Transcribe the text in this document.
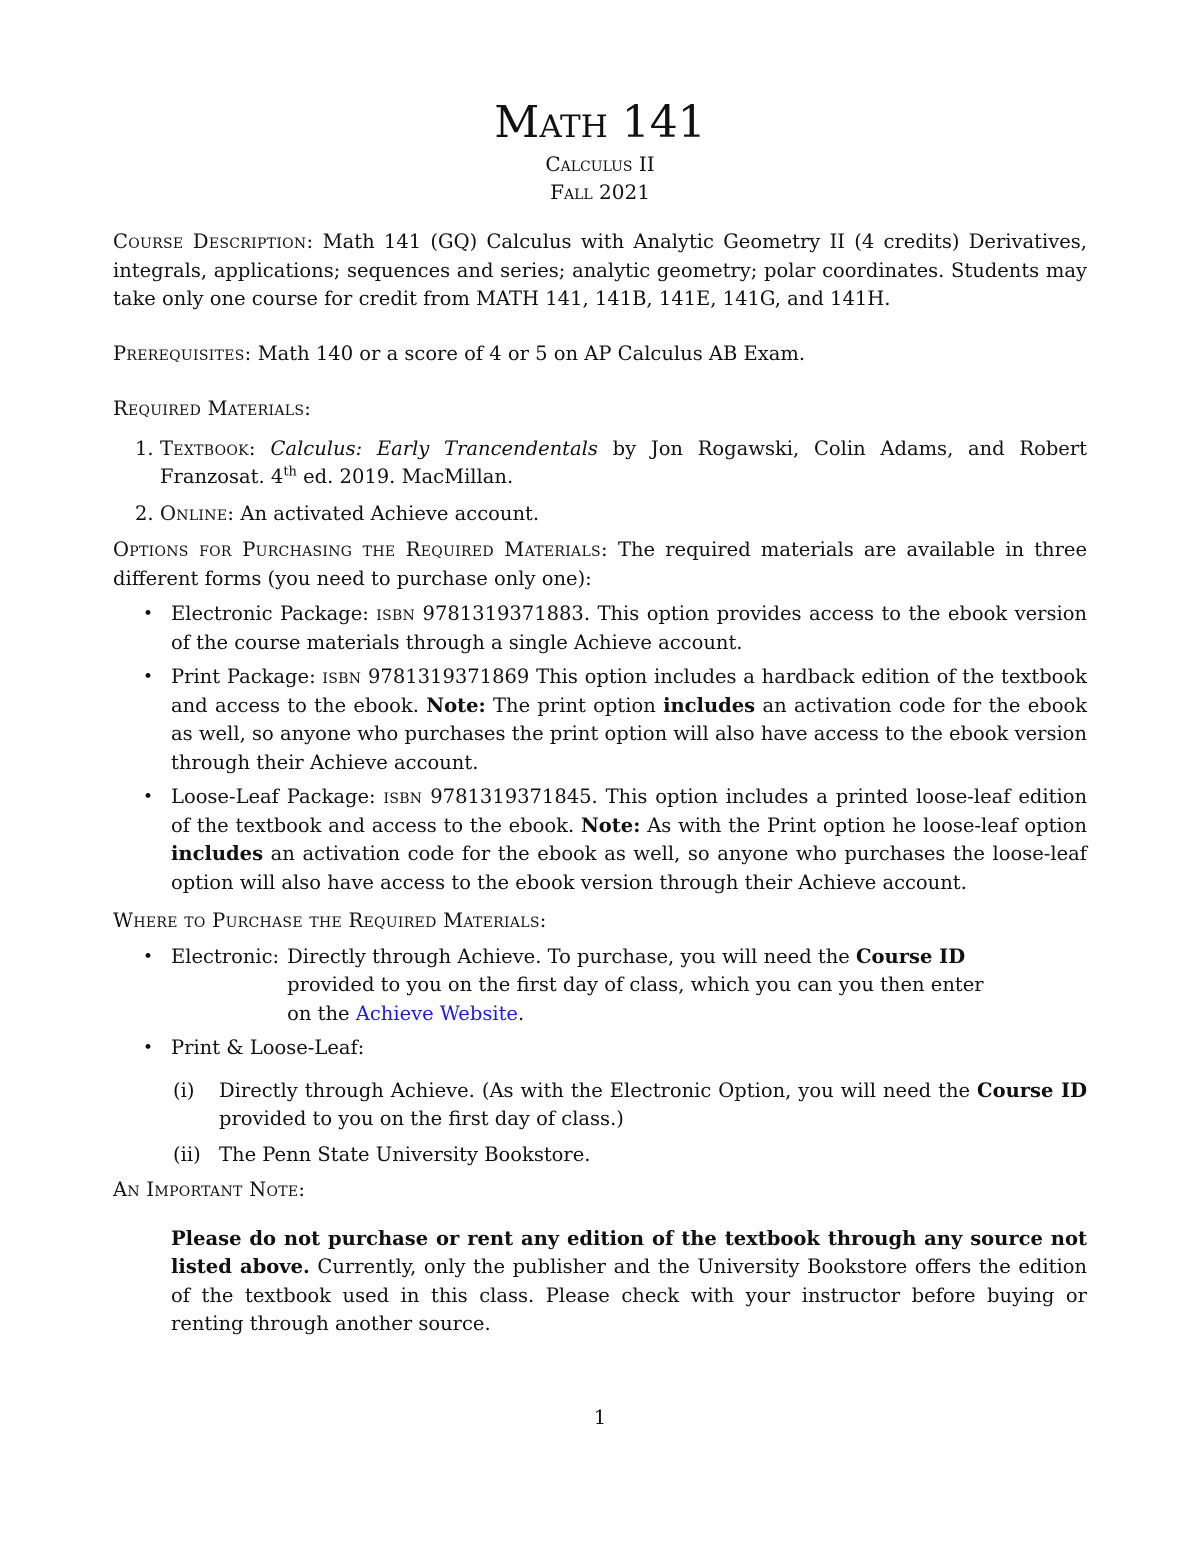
Math 141
Calculus II
Fall 2021

Course Description: Math 141 (GQ) Calculus with Analytic Geometry II (4 credits) Derivatives, integrals, applications; sequences and series; analytic geometry; polar coordinates. Students may take only one course for credit from MATH 141, 141B, 141E, 141G, and 141H.

Prerequisites: Math 140 or a score of 4 or 5 on AP Calculus AB Exam.

Required Materials:
1. Textbook: Calculus: Early Trancendentals by Jon Rogawski, Colin Adams, and Robert Franzosat. 4th ed. 2019. MacMillan.
2. Online: An activated Achieve account.

Options for Purchasing the Required Materials: The required materials are available in three different forms (you need to purchase only one):

• Electronic Package: isbn 9781319371883. This option provides access to the ebook version of the course materials through a single Achieve account.
• Print Package: isbn 9781319371869 This option includes a hardback edition of the textbook and access to the ebook. Note: The print option includes an activation code for the ebook as well, so anyone who purchases the print option will also have access to the ebook version through their Achieve account.
• Loose-Leaf Package: isbn 9781319371845. This option includes a printed loose-leaf edition of the textbook and access to the ebook. Note: As with the Print option he loose-leaf option includes an activation code for the ebook as well, so anyone who purchases the loose-leaf option will also have access to the ebook version through their Achieve account.
Where to Purchase the Required Materials:
• Electronic: Directly through Achieve. To purchase, you will need the Course ID provided to you on the first day of class, which you can you then enter on the Achieve Website.
• Print & Loose-Leaf:
(i) Directly through Achieve. (As with the Electronic Option, you will need the Course ID provided to you on the first day of class.)
(ii) The Penn State University Bookstore.
An Important Note:

Please do not purchase or rent any edition of the textbook through any source not listed above. Currently, only the publisher and the University Bookstore offers the edition of the textbook used in this class. Please check with your instructor before buying or renting through another source.

1
